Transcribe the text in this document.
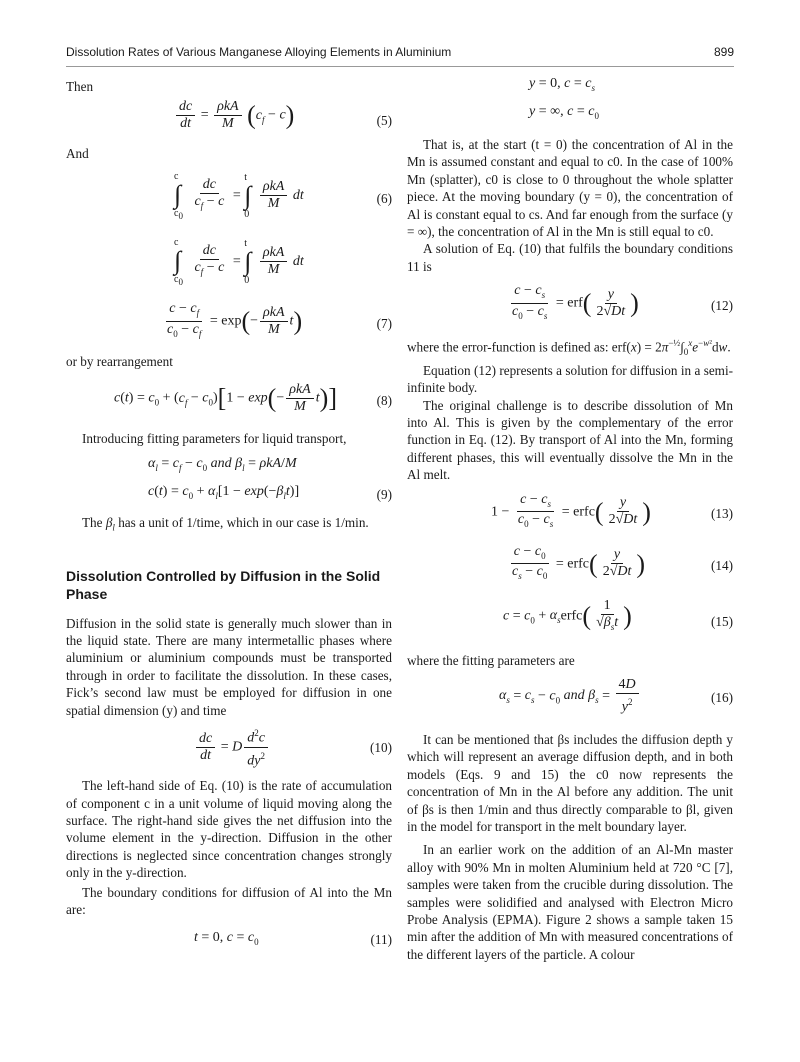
Dissolution Rates of Various Manganese Alloying Elements in Aluminium	899

Then

$\frac{dc}{dt} = \frac{\text{ρkA}}{M} (c_f - c)$	(5)

And

c
∫
$c_0$

$\frac{dc}{c_f - c}$ =
t
∫
0

$\frac{\text{ρkA}}{M}$ dt	(6)
c
∫
$c_0$

$\frac{dc}{c_f - c}$ =
t
∫
0

$\frac{\text{ρkA}}{M}$ dt
$\frac{c - c_f}{c_0 - c_f} = \exp(- \frac{\text{ρkA}}{M} t)$	(7)

or by rearrangement

$c(t) = c_0 + (c_f - c_0)[1 - \exp(- \frac{\text{ρkA}}{M} t)]$	(8)

Introducing fitting parameters for liquid transport,

$\alpha_l = c_f - c_0$ and $\beta_l = \rho kA/M$
$c(t) = c_0 + \alpha_l[1 - \exp(-\beta_lt)]$	(9)

The $\beta_l$ has a unit of 1/time, which in our case is 1/min.

Dissolution Controlled by Diffusion in the Solid Phase

Diffusion in the solid state is generally much slower than in the liquid state. There are many intermetallic phases where aluminium or aluminium compounds must be transported through in order to facilitate the dissolution. In these cases, Fick’s second law must be employed for diffusion in one spatial dimension (y) and time

$\frac{dc}{dt} = D \frac{d^2c}{dy^2}$	(10)

The left-hand side of Eq. (10) is the rate of accumulation of component c in a unit volume of liquid moving along the surface. The right-hand side gives the net diffusion into the volume element in the y-direction. Diffusion in the other directions is neglected since concentration changes strongly only in the y-direction.

The boundary conditions for diffusion of Al into the Mn are:

t = 0, $c = c_0$	(11)
y = 0, $c = c_s$
y = ∞, $c = c_0$

That is, at the start (t = 0) the concentration of Al in the Mn is assumed constant and equal to c0. In the case of 100% Mn (splatter), c0 is close to 0 throughout the whole splatter piece. At the moving boundary (y = 0), the concentration of Al is constant equal to cs. And far enough from the surface (y = ∞), the concentration of Al in the Mn is still equal to c0.

A solution of Eq. (10) that fulfils the boundary conditions 11 is

$\frac{c - c_s}{c_0 - c_s} = erf( \frac{y}{2√Dt}$ )	(12)

where the error-function is defined as: $erf(x) = 2\pi^{-\frac{1}{2}}\int_0^xe^{-w^2}dw$.

Equation (12) represents a solution for diffusion in a semi-infinite body.

The original challenge is to describe dissolution of Mn into Al. This is given by the complementary of the error function in Eq. (12). By transport of Al into the Mn, forming different phases, this will eventually dissolve the Mn in the Al melt.

$1 - \frac{c - c_s}{c_0 - c_s}$ = erfc( $\frac{y}{2√Dt}$ )	(13)
$\frac{c - c_0}{c_s - c_0}$ = erfc( $\frac{y}{2√Dt}$ )	(14)
$c = c_0$ + $\alpha_serfc( \frac{1}{√\beta_st}$ )	(15)

where the fitting parameters are

$\alpha_s = c_s - c_0$ and $\beta_s = \frac{4D}{y^2}$	(16)

It can be mentioned that βs includes the diffusion depth y which will represent an average diffusion depth, and in both models (Eqs. 9 and 15) the c0 now represents the concentration of Mn in the Al before any addition. The unit of βs is then 1/min and thus directly comparable to βl, given in the model for transport in the melt boundary layer.

In an earlier work on the addition of an Al-Mn master alloy with 90% Mn in molten Aluminium held at 720 °C [7], samples were taken from the crucible during dissolution. The samples were solidified and analysed with Electron Micro Probe Analysis (EPMA). Figure 2 shows a sample taken 15 min after the addition of Mn with measured concentrations of the different layers of the particle. A colour
